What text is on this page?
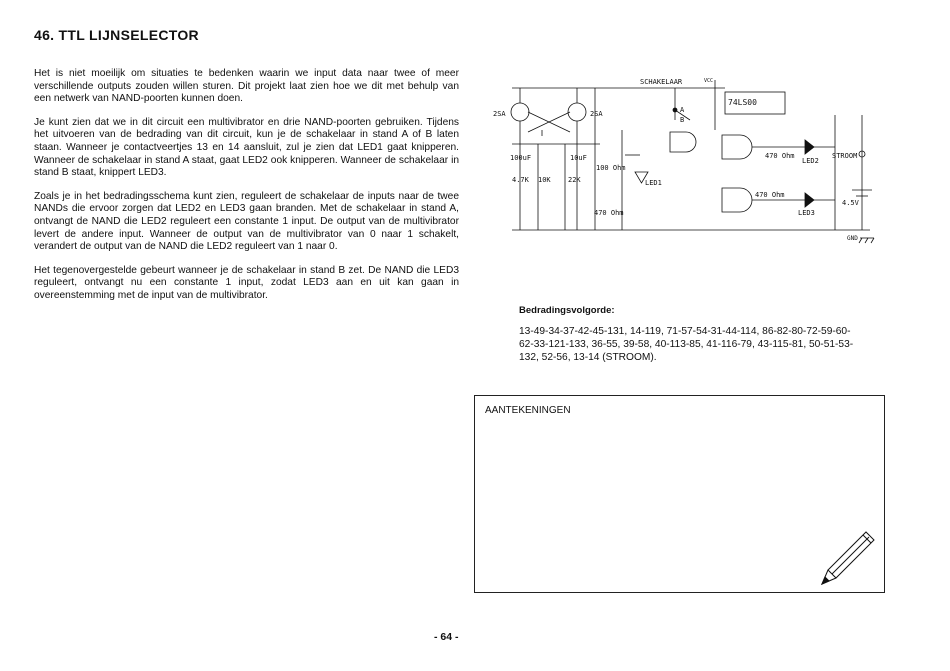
46. TTL LIJNSELECTOR

Het is niet moeilijk om situaties te bedenken waarin we input data naar twee of meer verschillende outputs zouden willen sturen. Dit projekt laat zien hoe we dit met behulp van een netwerk van NAND-poorten kunnen doen.

Je kunt zien dat we in dit circuit een multivibrator en drie NAND-poorten gebruiken. Tijdens het uitvoeren van de bedrading van dit circuit, kun je de schakelaar in stand A of B laten staan. Wanneer je contactveertjes 13 en 14 aansluit, zul je zien dat LED1 gaat knipperen. Wanneer de schakelaar in stand A staat, gaat LED2 ook knipperen. Wanneer de schakelaar in stand B staat, knippert LED3.

Zoals je in het bedradingsschema kunt zien, reguleert de schakelaar de inputs naar de twee NANDs die ervoor zorgen dat LED2 en LED3 gaan branden. Met de schakelaar in stand A, ontvangt de NAND die LED2 reguleert een constante 1 input. De output van de multivibrator levert de andere input. Wanneer de output van de multivibrator van 0 naar 1 schakelt, verandert de output van de NAND die LED2 reguleert van 1 naar 0.

Het tegenovergestelde gebeurt wanneer je de schakelaar in stand B zet. De NAND die LED3 reguleert, ontvangt nu een constante 1 input, zodat LED3 aan en uit kan gaan in overeenstemming met de input van de multivibrator.

2SA	2SA
SCHAKELAAR	VCC
74LS00
100uF	10uF
100 Ohm
4.7K 10K 22K	LED1
470 Ohm
470 Ohm
LED2
470 Ohm
LED3
STROOM
4.5V
GND
A
B
Bedradingsvolgorde:
13-49-34-37-42-45-131, 14-119, 71-57-54-31-44-114, 86-82-80-72-59-60-62-33-121-133, 36-55, 39-58, 40-113-85, 41-116-79, 43-115-81, 50-51-53-132, 52-56, 13-14 (STROOM).
AANTEKENINGEN
- 64 -
